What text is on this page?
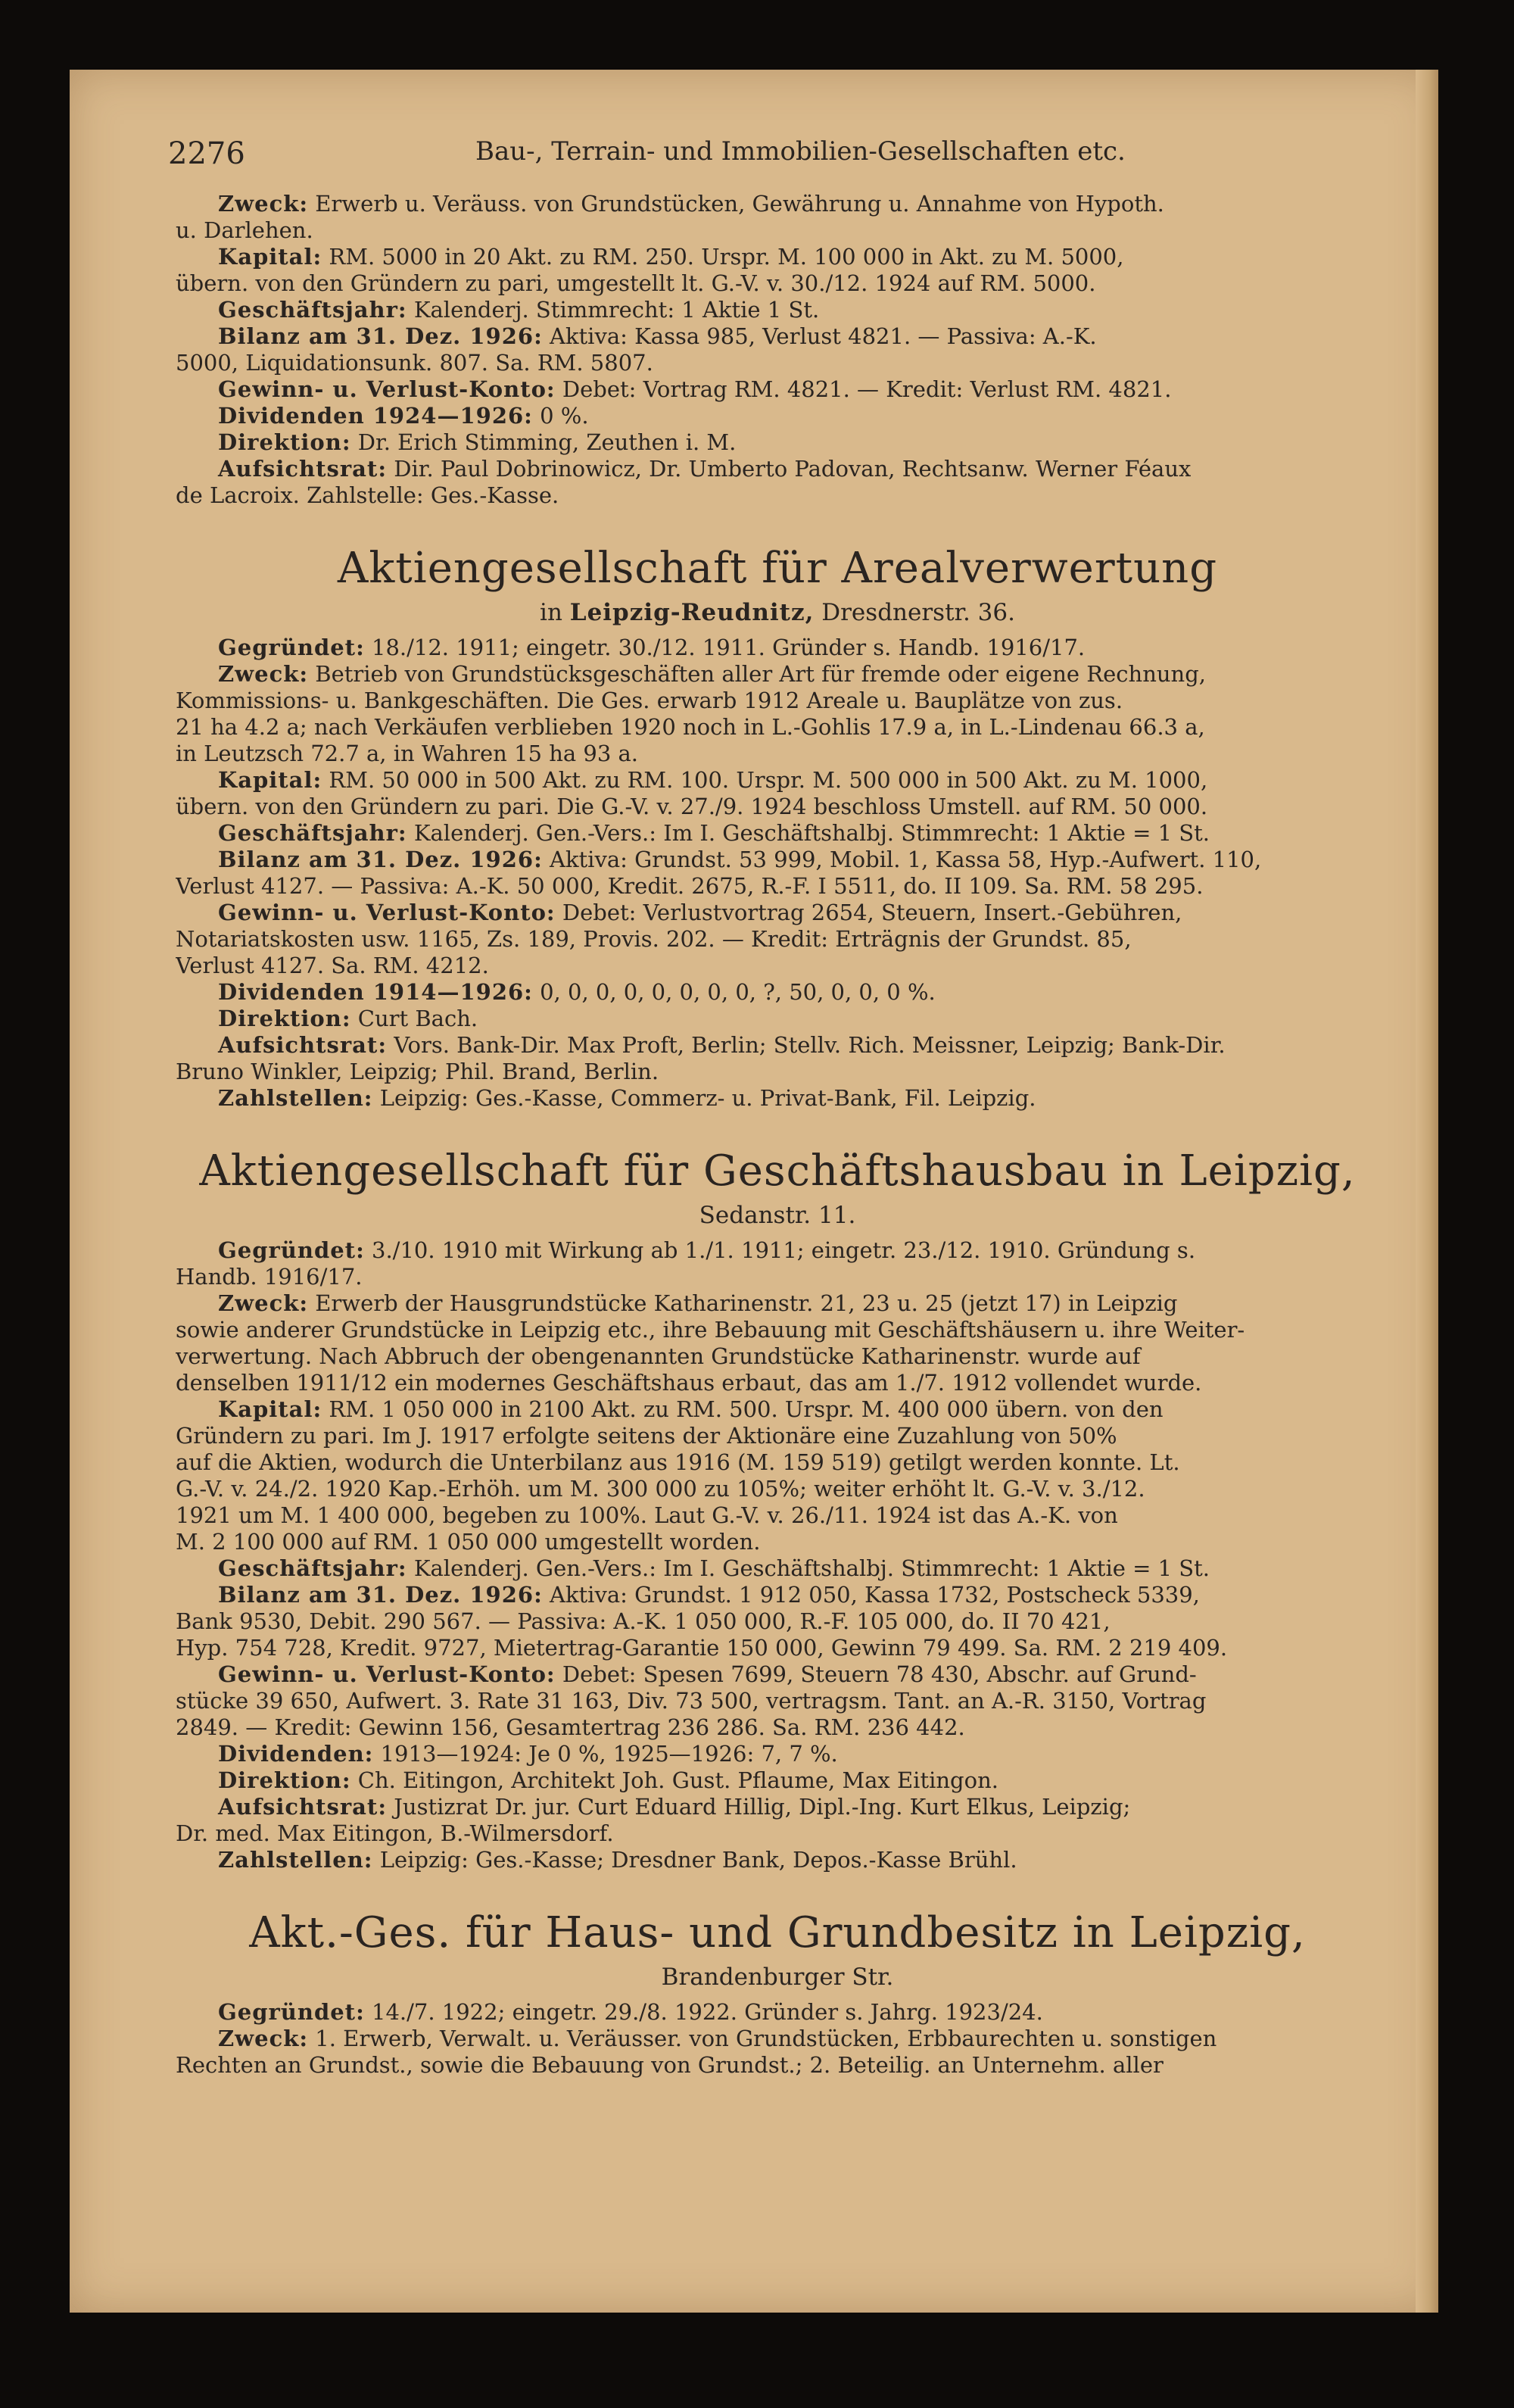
2276	Bau-, Terrain- und Immobilien-Gesellschaften etc.
Zweck: Erwerb u. Veräuss. von Grundstücken, Gewährung u. Annahme von Hypoth.
u. Darlehen.
Kapital: RM. 5000 in 20 Akt. zu RM. 250. Urspr. M. 100 000 in Akt. zu M. 5000,
übern. von den Gründern zu pari, umgestellt lt. G.-V. v. 30./12. 1924 auf RM. 5000.
Geschäftsjahr: Kalenderj. Stimmrecht: 1 Aktie 1 St.
Bilanz am 31. Dez. 1926: Aktiva: Kassa 985, Verlust 4821. — Passiva: A.-K.
5000, Liquidationsunk. 807. Sa. RM. 5807.
Gewinn- u. Verlust-Konto: Debet: Vortrag RM. 4821. — Kredit: Verlust RM. 4821.
Dividenden 1924—1926: 0 %.
Direktion: Dr. Erich Stimming, Zeuthen i. M.
Aufsichtsrat: Dir. Paul Dobrinowicz, Dr. Umberto Padovan, Rechtsanw. Werner Féaux
de Lacroix. Zahlstelle: Ges.-Kasse.
Aktiengesellschaft für Arealverwertung
in Leipzig-Reudnitz, Dresdnerstr. 36.
Gegründet: 18./12. 1911; eingetr. 30./12. 1911. Gründer s. Handb. 1916/17.
Zweck: Betrieb von Grundstücksgeschäften aller Art für fremde oder eigene Rechnung,
Kommissions- u. Bankgeschäften. Die Ges. erwarb 1912 Areale u. Bauplätze von zus.
21 ha 4.2 a; nach Verkäufen verblieben 1920 noch in L.-Gohlis 17.9 a, in L.-Lindenau 66.3 a,
in Leutzsch 72.7 a, in Wahren 15 ha 93 a.
Kapital: RM. 50 000 in 500 Akt. zu RM. 100. Urspr. M. 500 000 in 500 Akt. zu M. 1000,
übern. von den Gründern zu pari. Die G.-V. v. 27./9. 1924 beschloss Umstell. auf RM. 50 000.
Geschäftsjahr: Kalenderj. Gen.-Vers.: Im I. Geschäftshalbj. Stimmrecht: 1 Aktie = 1 St.
Bilanz am 31. Dez. 1926: Aktiva: Grundst. 53 999, Mobil. 1, Kassa 58, Hyp.-Aufwert. 110,
Verlust 4127. — Passiva: A.-K. 50 000, Kredit. 2675, R.-F. I 5511, do. II 109. Sa. RM. 58 295.
Gewinn- u. Verlust-Konto: Debet: Verlustvortrag 2654, Steuern, Insert.-Gebühren,
Notariatskosten usw. 1165, Zs. 189, Provis. 202. — Kredit: Erträgnis der Grundst. 85,
Verlust 4127. Sa. RM. 4212.
Dividenden 1914—1926: 0, 0, 0, 0, 0, 0, 0, 0, ?, 50, 0, 0, 0 %.
Direktion: Curt Bach.
Aufsichtsrat: Vors. Bank-Dir. Max Proft, Berlin; Stellv. Rich. Meissner, Leipzig; Bank-Dir.
Bruno Winkler, Leipzig; Phil. Brand, Berlin.
Zahlstellen: Leipzig: Ges.-Kasse, Commerz- u. Privat-Bank, Fil. Leipzig.
Aktiengesellschaft für Geschäftshausbau in Leipzig,
Sedanstr. 11.
Gegründet: 3./10. 1910 mit Wirkung ab 1./1. 1911; eingetr. 23./12. 1910. Gründung s.
Handb. 1916/17.
Zweck: Erwerb der Hausgrundstücke Katharinenstr. 21, 23 u. 25 (jetzt 17) in Leipzig
sowie anderer Grundstücke in Leipzig etc., ihre Bebauung mit Geschäftshäusern u. ihre Weiter-
verwertung. Nach Abbruch der obengenannten Grundstücke Katharinenstr. wurde auf
denselben 1911/12 ein modernes Geschäftshaus erbaut, das am 1./7. 1912 vollendet wurde.
Kapital: RM. 1 050 000 in 2100 Akt. zu RM. 500. Urspr. M. 400 000 übern. von den
Gründern zu pari. Im J. 1917 erfolgte seitens der Aktionäre eine Zuzahlung von 50%
auf die Aktien, wodurch die Unterbilanz aus 1916 (M. 159 519) getilgt werden konnte. Lt.
G.-V. v. 24./2. 1920 Kap.-Erhöh. um M. 300 000 zu 105%; weiter erhöht lt. G.-V. v. 3./12.
1921 um M. 1 400 000, begeben zu 100%. Laut G.-V. v. 26./11. 1924 ist das A.-K. von
M. 2 100 000 auf RM. 1 050 000 umgestellt worden.
Geschäftsjahr: Kalenderj. Gen.-Vers.: Im I. Geschäftshalbj. Stimmrecht: 1 Aktie = 1 St.
Bilanz am 31. Dez. 1926: Aktiva: Grundst. 1 912 050, Kassa 1732, Postscheck 5339,
Bank 9530, Debit. 290 567. — Passiva: A.-K. 1 050 000, R.-F. 105 000, do. II 70 421,
Hyp. 754 728, Kredit. 9727, Mietertrag-Garantie 150 000, Gewinn 79 499. Sa. RM. 2 219 409.
Gewinn- u. Verlust-Konto: Debet: Spesen 7699, Steuern 78 430, Abschr. auf Grund-
stücke 39 650, Aufwert. 3. Rate 31 163, Div. 73 500, vertragsm. Tant. an A.-R. 3150, Vortrag
2849. — Kredit: Gewinn 156, Gesamtertrag 236 286. Sa. RM. 236 442.
Dividenden: 1913—1924: Je 0 %, 1925—1926: 7, 7 %.
Direktion: Ch. Eitingon, Architekt Joh. Gust. Pflaume, Max Eitingon.
Aufsichtsrat: Justizrat Dr. jur. Curt Eduard Hillig, Dipl.-Ing. Kurt Elkus, Leipzig;
Dr. med. Max Eitingon, B.-Wilmersdorf.
Zahlstellen: Leipzig: Ges.-Kasse; Dresdner Bank, Depos.-Kasse Brühl.
Akt.-Ges. für Haus- und Grundbesitz in Leipzig,
Brandenburger Str.
Gegründet: 14./7. 1922; eingetr. 29./8. 1922. Gründer s. Jahrg. 1923/24.
Zweck: 1. Erwerb, Verwalt. u. Veräusser. von Grundstücken, Erbbaurechten u. sonstigen
Rechten an Grundst., sowie die Bebauung von Grundst.; 2. Beteilig. an Unternehm. aller
